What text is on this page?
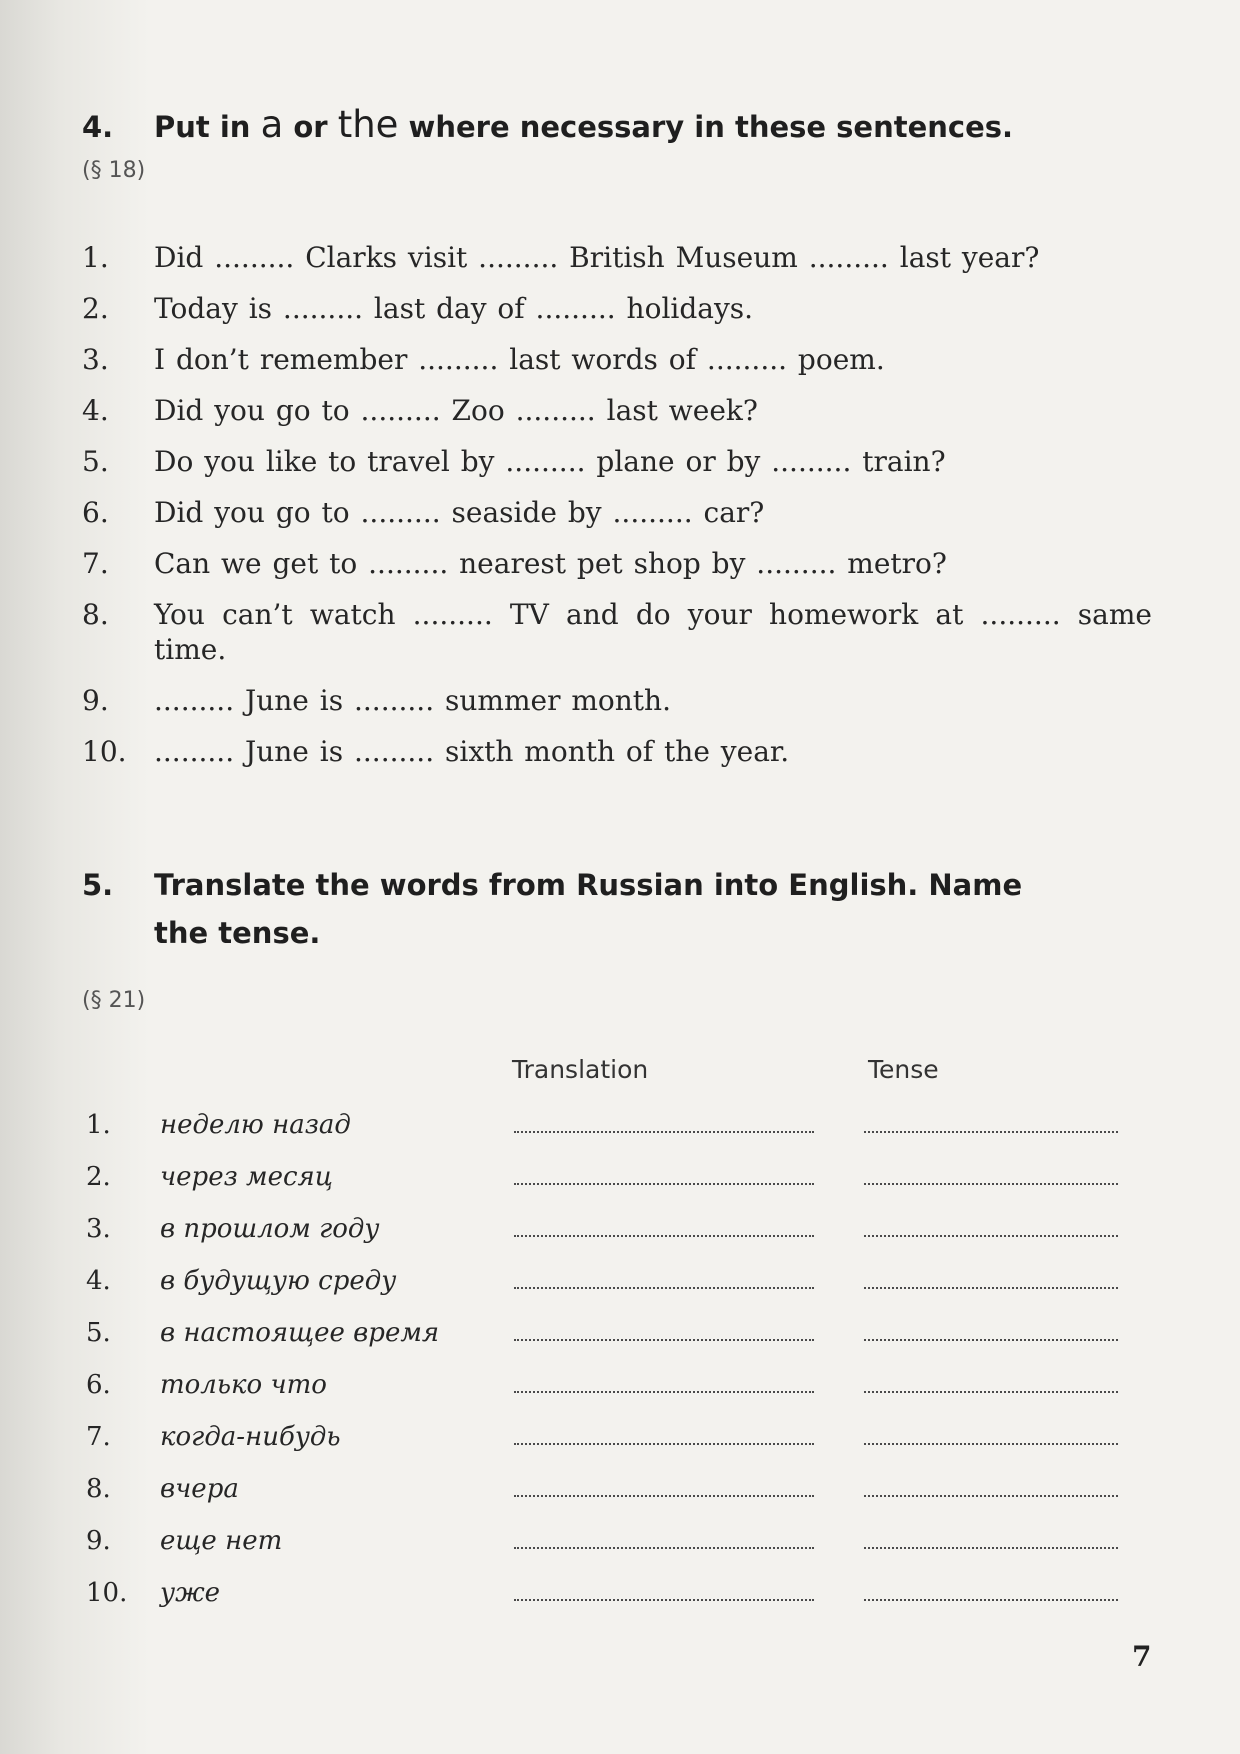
4. Put in a or the where necessary in these sentences.
(§ 18)
1.	Did ......... Clarks visit ......... British Museum ......... last year?
2.	Today is ......... last day of ......... holidays.
3.	I don’t remember ......... last words of ......... poem.
4.	Did you go to ......... Zoo ......... last week?
5.	Do you like to travel by ......... plane or by ......... train?
6.	Did you go to ......... seaside by ......... car?
7.	Can we get to ......... nearest pet shop by ......... metro?
8.	You can’t watch ......... TV and do your homework at ......... same time.
9.	......... June is ......... summer month.
10. ......... June is ......... sixth month of the year.
5. Translate the words from Russian into English. Name
the tense.
(§ 21)
Translation	Tense
1.	неделю назад
2.	через месяц
3.	в прошлом году
4.	в будущую среду
5.	в настоящее время
6.	только что
7.	когда-нибудь
8.	вчера
9.	еще нет
10.	уже
7
